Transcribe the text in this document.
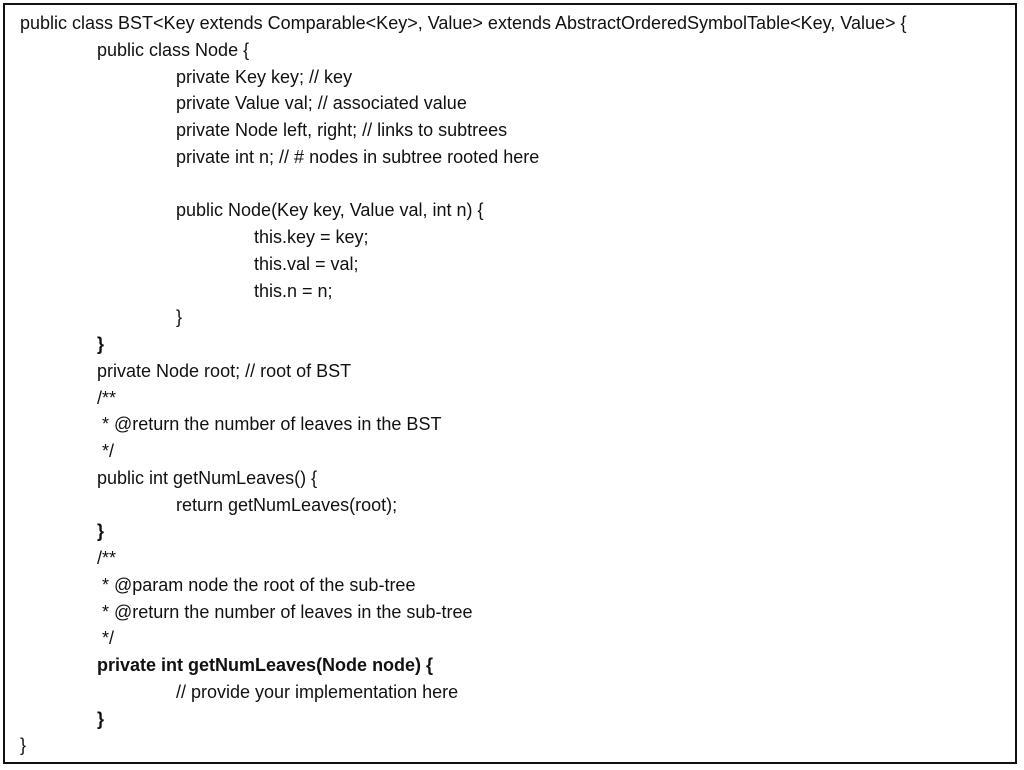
public class BST<Key extends Comparable<Key>, Value> extends AbstractOrderedSymbolTable<Key, Value> {
public class Node {
private Key key; // key
private Value val; // associated value
private Node left, right; // links to subtrees
private int n; // # nodes in subtree rooted here
public Node(Key key, Value val, int n) {
this.key = key;
this.val = val;
this.n = n;
}
}
private Node root; // root of BST
/**
* @return the number of leaves in the BST
*/
public int getNumLeaves() {
return getNumLeaves(root);
}
/**
* @param node the root of the sub-tree
* @return the number of leaves in the sub-tree
*/
private int getNumLeaves(Node node) {
// provide your implementation here
}
}
